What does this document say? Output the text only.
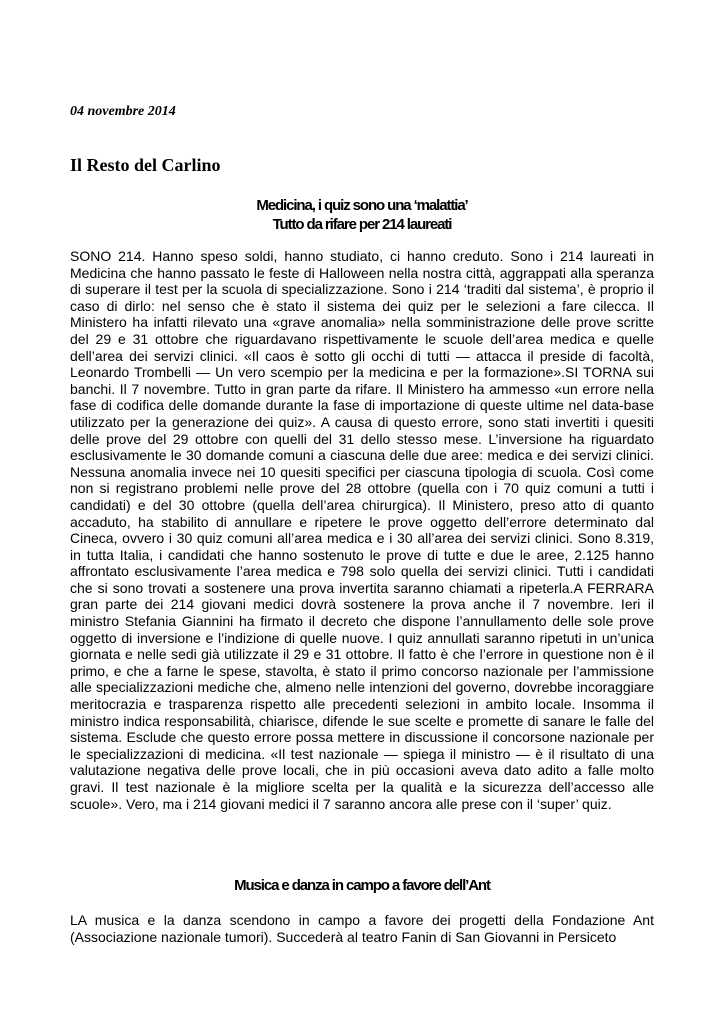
04 novembre 2014
Il Resto del Carlino
Medicina, i quiz sono una ‘malattia’
Tutto da rifare per 214 laureati

SONO 214. Hanno speso soldi, hanno studiato, ci hanno creduto. Sono i 214 laureati in Medicina che hanno passato le feste di Halloween nella nostra città, aggrappati alla speranza di superare il test per la scuola di specializzazione. Sono i 214 ‘traditi dal sistema’, è proprio il caso di dirlo: nel senso che è stato il sistema dei quiz per le selezioni a fare cilecca. Il Ministero ha infatti rilevato una «grave anomalia» nella somministrazione delle prove scritte del 29 e 31 ottobre che riguardavano rispettivamente le scuole dell’area medica e quelle dell’area dei servizi clinici. «Il caos è sotto gli occhi di tutti — attacca il preside di facoltà, Leonardo Trombelli — Un vero scempio per la medicina e per la formazione».SI TORNA sui banchi. Il 7 novembre. Tutto in gran parte da rifare. Il Ministero ha ammesso «un errore nella fase di codifica delle domande durante la fase di importazione di queste ultime nel data-base utilizzato per la generazione dei quiz». A causa di questo errore, sono stati invertiti i quesiti delle prove del 29 ottobre con quelli del 31 dello stesso mese. L’inversione ha riguardato esclusivamente le 30 domande comuni a ciascuna delle due aree: medica e dei servizi clinici. Nessuna anomalia invece nei 10 quesiti specifici per ciascuna tipologia di scuola. Così come non si registrano problemi nelle prove del 28 ottobre (quella con i 70 quiz comuni a tutti i candidati) e del 30 ottobre (quella dell’area chirurgica). Il Ministero, preso atto di quanto accaduto, ha stabilito di annullare e ripetere le prove oggetto dell’errore determinato dal Cineca, ovvero i 30 quiz comuni all’area medica e i 30 all’area dei servizi clinici. Sono 8.319, in tutta Italia, i candidati che hanno sostenuto le prove di tutte e due le aree, 2.125 hanno affrontato esclusivamente l’area medica e 798 solo quella dei servizi clinici. Tutti i candidati che si sono trovati a sostenere una prova invertita saranno chiamati a ripeterla.A FERRARA gran parte dei 214 giovani medici dovrà sostenere la prova anche il 7 novembre. Ieri il ministro Stefania Giannini ha firmato il decreto che dispone l’annullamento delle sole prove oggetto di inversione e l’indizione di quelle nuove. I quiz annullati saranno ripetuti in un’unica giornata e nelle sedi già utilizzate il 29 e 31 ottobre. Il fatto è che l’errore in questione non è il primo, e che a farne le spese, stavolta, è stato il primo concorso nazionale per l’ammissione alle specializzazioni mediche che, almeno nelle intenzioni del governo, dovrebbe incoraggiare meritocrazia e trasparenza rispetto alle precedenti selezioni in ambito locale. Insomma il ministro indica responsabilità, chiarisce, difende le sue scelte e promette di sanare le falle del sistema. Esclude che questo errore possa mettere in discussione il concorsone nazionale per le specializzazioni di medicina. «Il test nazionale — spiega il ministro — è il risultato di una valutazione negativa delle prove locali, che in più occasioni aveva dato adito a falle molto gravi. Il test nazionale è la migliore scelta per la qualità e la sicurezza dell’accesso alle scuole». Vero, ma i 214 giovani medici il 7 saranno ancora alle prese con il ‘super’ quiz.

Musica e danza in campo a favore dell’Ant

LA musica e la danza scendono in campo a favore dei progetti della Fondazione Ant (Associazione nazionale tumori). Succederà al teatro Fanin di San Giovanni in Persiceto
